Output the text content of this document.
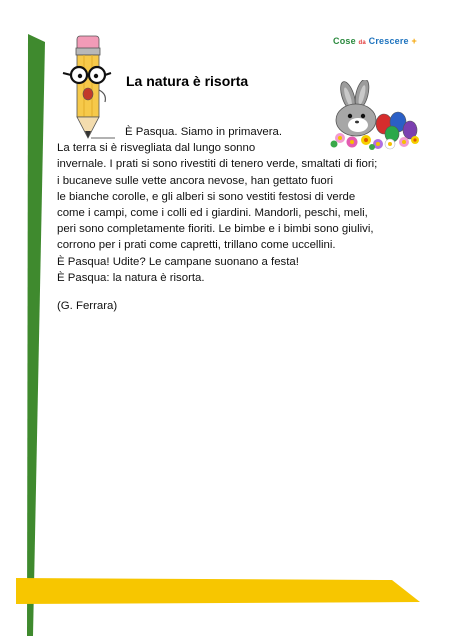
Cose da Crescere +
La natura è risorta
È Pasqua. Siamo in primavera.
La terra si è risvegliata dal lungo sonno
invernale. I prati si sono rivestiti di tenero verde, smaltati di fiori;
i bucaneve sulle vette ancora nevose, han gettato fuori
le bianche corolle, e gli alberi si sono vestiti festosi di verde
come i campi, come i colli ed i giardini. Mandorli, peschi, meli,
peri sono completamente fioriti. Le bimbe e i bimbi sono giulivi,
corrono per i prati come capretti, trillano come uccellini.
È Pasqua! Udite? Le campane suonano a festa!
È Pasqua: la natura è risorta.
(G. Ferrara)
